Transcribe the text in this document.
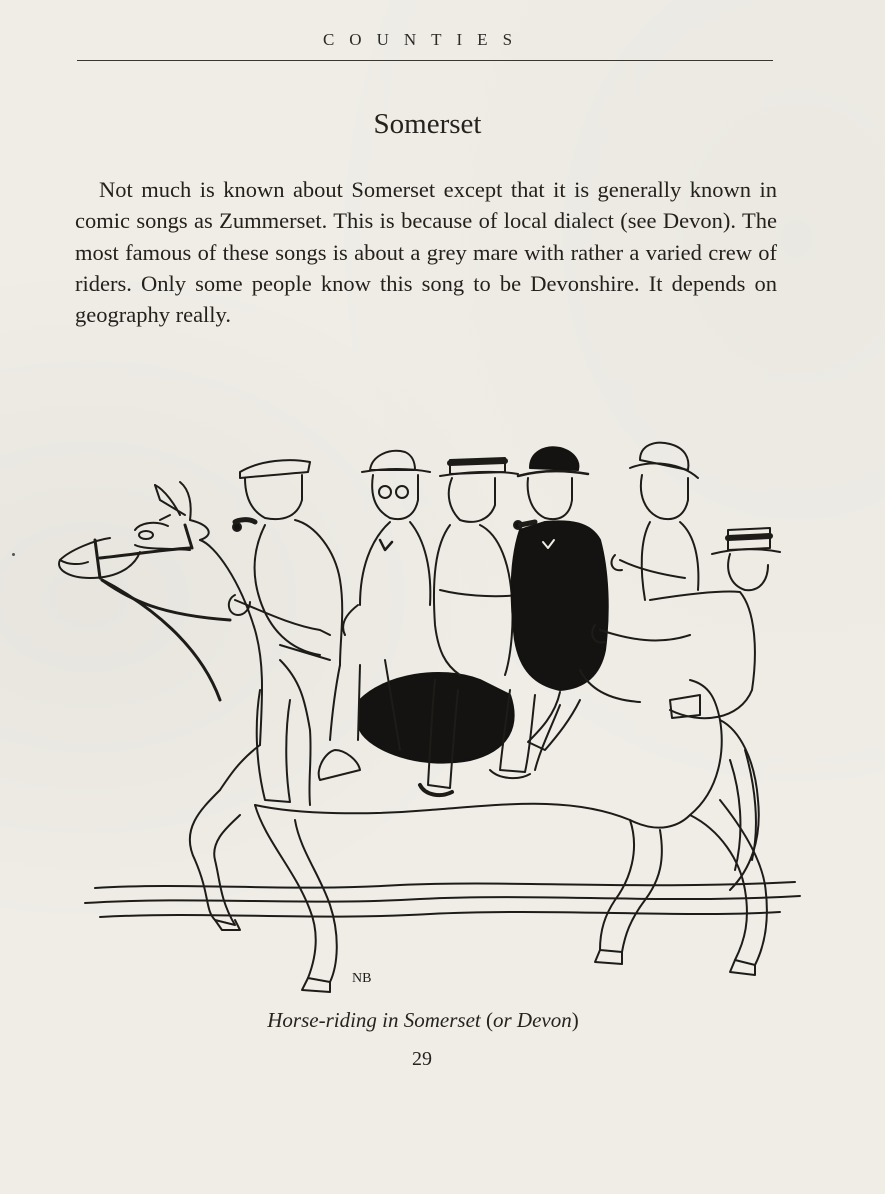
COUNTIES
Somerset

Not much is known about Somerset except that it is generally known in comic songs as Zummerset. This is because of local dialect (see Devon). The most famous of these songs is about a grey mare with rather a varied crew of riders. Only some people know this song to be Devonshire. It depends on geography really.

NB
Horse-riding in Somerset (or Devon)
29
